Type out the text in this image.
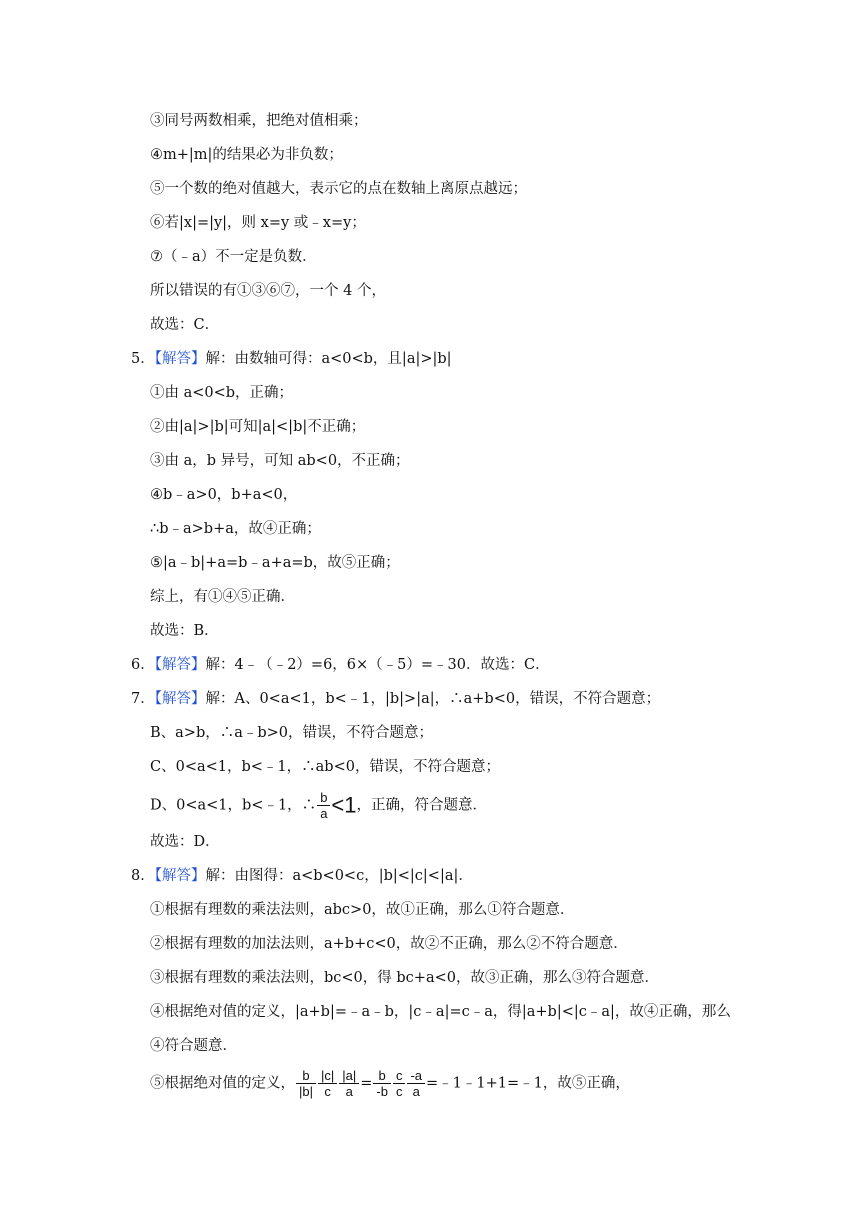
③同号两数相乘，把绝对值相乘；
④m+|m|的结果必为非负数；
⑤一个数的绝对值越大，表示它的点在数轴上离原点越远；
⑥若|x|=|y|，则 x=y 或﹣x=y；
⑦（﹣a）不一定是负数．
所以错误的有①③⑥⑦，一个 4 个，
故选：C．
5．【解答】解：由数轴可得：a<0<b，且|a|>|b|
①由 a<0<b，正确；
②由|a|>|b|可知|a|<|b|不正确；
③由 a，b 异号，可知 ab<0，不正确；
④b﹣a>0，b+a<0，
∴b﹣a>b+a，故④正确；
⑤|a﹣b|+a=b﹣a+a=b，故⑤正确；
综上，有①④⑤正确．
故选：B．
6．【解答】解：4﹣（﹣2）=6，6×（﹣5）=﹣30．故选：C．
7．【解答】解：A、0<a<1，b<﹣1，|b|>|a|，∴a+b<0，错误，不符合题意；
B、a>b，∴a﹣b>0，错误，不符合题意；
C、0<a<1，b<﹣1，∴ab<0，错误，不符合题意；
D、0<a<1，b<﹣1，∴ $\frac{b}{a} <1$，正确，符合题意．
故选：D．
8．【解答】解：由图得：a<b<0<c，|b|<|c|<|a|．
①根据有理数的乘法法则，abc>0，故①正确，那么①符合题意．
②根据有理数的加法法则，a+b+c<0，故②不正确，那么②不符合题意．
③根据有理数的乘法法则，bc<0，得 bc+a<0，故③正确，那么③符合题意．
④根据绝对值的定义，|a+b|=﹣a﹣b，|c﹣a|=c﹣a，得|a+b|<|c﹣a|，故④正确，那么
④符合题意．
⑤根据绝对值的定义， $\frac{b}{|b|} \frac{|c|}{c} \frac{|a|}{a} = \frac{b}{-b} \frac{c}{c} \frac{-a}{a}$ =﹣1﹣1+1=﹣1，故⑤正确，
